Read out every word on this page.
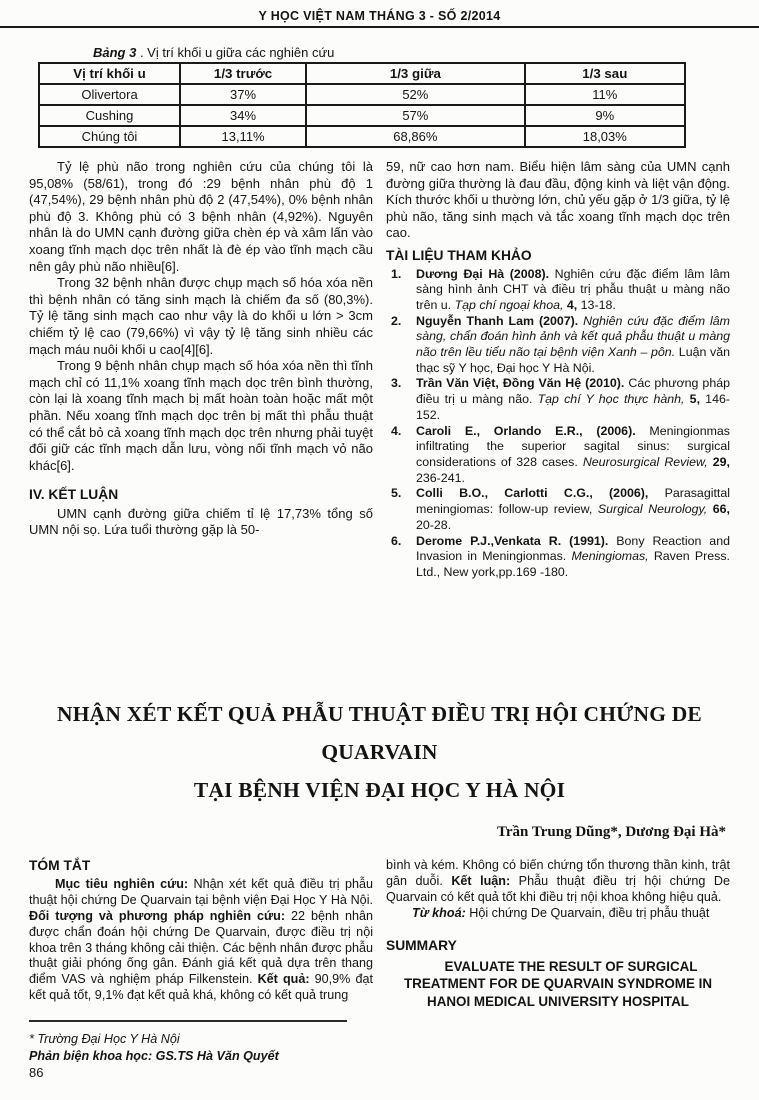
Y HỌC VIỆT NAM THÁNG 3 - SỐ 2/2014

Bảng 3 . Vị trí khối u giữa các nghiên cứu

Vị trí khối u	1/3 trước	1/3 giữa	1/3 sau
Olivertora	37%	52%	11%
Cushing	34%	57%	9%
Chúng tôi	13,11%	68,86%	18,03%

Tỷ lệ phù não trong nghiên cứu của chúng tôi là 95,08% (58/61), trong đó :29 bệnh nhân phù độ 1 (47,54%), 29 bệnh nhân phù độ 2 (47,54%), 0% bệnh nhân phù độ 3. Không phù có 3 bệnh nhân (4,92%). Nguyên nhân là do UMN cạnh đường giữa chèn ép và xâm lấn vào xoang tĩnh mạch dọc trên nhất là đè ép vào tĩnh mạch cầu nên gây phù não nhiều[6].

Trong 32 bệnh nhân được chụp mạch số hóa xóa nền thì bệnh nhân có tăng sinh mạch là chiếm đa số (80,3%). Tỷ lệ tăng sinh mạch cao như vậy là do khối u lớn > 3cm chiếm tỷ lệ cao (79,66%) vì vậy tỷ lệ tăng sinh nhiều các mạch máu nuôi khối u cao[4][6].

Trong 9 bệnh nhân chụp mạch số hóa xóa nền thì tĩnh mạch chỉ có 11,1% xoang tĩnh mạch dọc trên bình thường, còn lại là xoang tĩnh mạch bị mất hoàn toàn hoặc mất một phần. Nếu xoang tĩnh mạch dọc trên bị mất thì phẫu thuật có thể cắt bỏ cả xoang tĩnh mạch dọc trên nhưng phải tuyệt đối giữ các tĩnh mạch dẫn lưu, vòng nối tĩnh mạch vỏ não khác[6].

IV. KẾT LUẬN

UMN cạnh đường giữa chiếm tỉ lệ 17,73% tổng số UMN nội sọ. Lứa tuổi thường gặp là 50-

59, nữ cao hơn nam. Biểu hiện lâm sàng của UMN cạnh đường giữa thường là đau đầu, động kinh và liệt vận động. Kích thước khối u thường lớn, chủ yếu gặp ở 1/3 giữa, tỷ lệ phù não, tăng sinh mạch và tắc xoang tĩnh mạch dọc trên cao.

TÀI LIỆU THAM KHẢO
1. Dương Đại Hà (2008). Nghiên cứu đặc điểm lâm lâm sàng hình ảnh CHT và điều trị phẫu thuật u màng não trên u. Tạp chí ngoại khoa, 4, 13-18.
2. Nguyễn Thanh Lam (2007). Nghiên cứu đặc điểm lâm sàng, chẩn đoán hình ảnh và kết quả phẫu thuật u màng não trên lều tiểu não tại bệnh viện Xanh – pôn. Luận văn thạc sỹ Y học, Đại học Y Hà Nội.
3. Trần Văn Việt, Đồng Văn Hệ (2010). Các phương pháp điều trị u màng não. Tạp chí Y học thực hành, 5, 146-152.
4. Caroli E., Orlando E.R., (2006). Meningionmas infiltrating the superior sagital sinus: surgical considerations of 328 cases. Neurosurgical Review, 29, 236-241.
5. Colli B.O., Carlotti C.G., (2006), Parasagittal meningiomas: follow-up review, Surgical Neurology, 66, 20-28.
6. Derome P.J.,Venkata R. (1991). Bony Reaction and Invasion in Meningionmas. Meningiomas, Raven Press. Ltd., New york,pp.169 -180.
NHẬN XÉT KẾT QUẢ PHẪU THUẬT ĐIỀU TRỊ HỘI CHỨNG DE QUARVAIN
TẠI BỆNH VIỆN ĐẠI HỌC Y HÀ NỘI
Trần Trung Dũng*, Dương Đại Hà*
TÓM TẮT

Mục tiêu nghiên cứu: Nhận xét kết quả điều trị phẫu thuật hội chứng De Quarvain tại bệnh viện Đại Học Y Hà Nội. Đối tượng và phương pháp nghiên cứu: 22 bệnh nhân được chẩn đoán hội chứng De Quarvain, được điều trị nội khoa trên 3 tháng không cải thiện. Các bệnh nhân được phẫu thuật giải phóng ống gân. Đánh giá kết quả dựa trên thang điểm VAS và nghiệm pháp Filkenstein. Kết quả: 90,9% đạt kết quả tốt, 9,1% đạt kết quả khá, không có kết quả trung

* Trường Đại Học Y Hà Nội
Phản biện khoa học: GS.TS Hà Văn Quyết

bình và kém. Không có biến chứng tổn thương thần kinh, trật gân duỗi. Kết luận: Phẫu thuật điều trị hội chứng De Quarvain có kết quả tốt khi điều trị nội khoa không hiệu quả.

Từ khoá: Hội chứng De Quarvain, điều trị phẫu thuật

SUMMARY

EVALUATE THE RESULT OF SURGICAL TREATMENT FOR DE QUARVAIN SYNDROME IN HANOI MEDICAL UNIVERSITY HOSPITAL

86
